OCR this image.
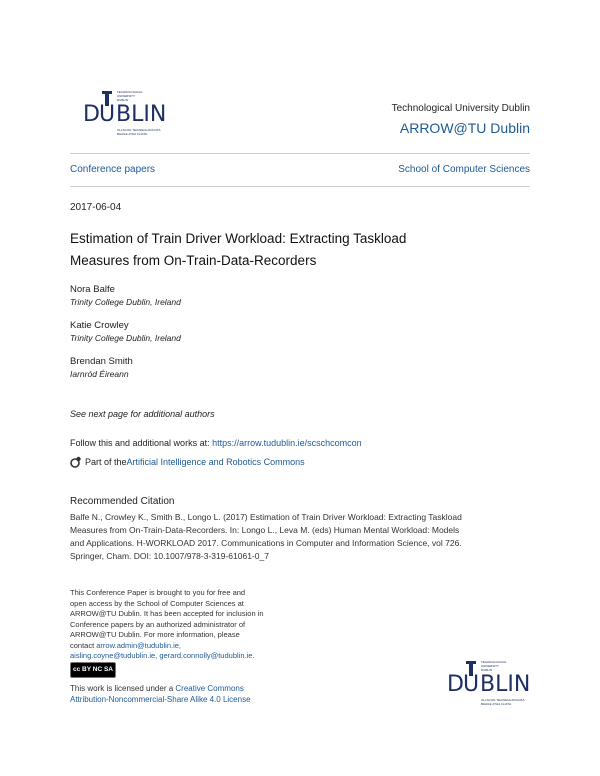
TECHNOLOGICAL
UNIVERSITY
DUBLIN
D U BLIN
OLLSCOIL TEICNEOLAIOCHTA
BHAILE ATHA CLIATH
Technological University Dublin
ARROW@TU Dublin
Conference papers	School of Computer Sciences
2017-06-04
Estimation of Train Driver Workload: Extracting Taskload
Measures from On-Train-Data-Recorders
Nora Balfe
Trinity College Dublin, Ireland
Katie Crowley
Trinity College Dublin, Ireland
Brendan Smith
Iarnród Éireann
See next page for additional authors
Follow this and additional works at: https://arrow.tudublin.ie/scschcomcon
Part of the Artificial Intelligence and Robotics Commons
Recommended Citation
Balfe N., Crowley K., Smith B., Longo L. (2017) Estimation of Train Driver Workload: Extracting Taskload
Measures from On-Train-Data-Recorders. In: Longo L., Leva M. (eds) Human Mental Workload: Models
and Applications. H-WORKLOAD 2017. Communications in Computer and Information Science, vol 726.
Springer, Cham. DOI: 10.1007/978-3-319-61061-0_7
This Conference Paper is brought to you for free and
open access by the School of Computer Sciences at
ARROW@TU Dublin. It has been accepted for inclusion in
Conference papers by an authorized administrator of
ARROW@TU Dublin. For more information, please
contact arrow.admin@tudublin.ie,
aisling.coyne@tudublin.ie, gerard.connolly@tudublin.ie.
cc BY NC SA
This work is licensed under a Creative Commons
Attribution-Noncommercial-Share Alike 4.0 License
TECHNOLOGICAL
UNIVERSITY
DUBLIN
D U BLIN
OLLSCOIL TEICNEOLAIOCHTA
BHAILE ATHA CLIATH
